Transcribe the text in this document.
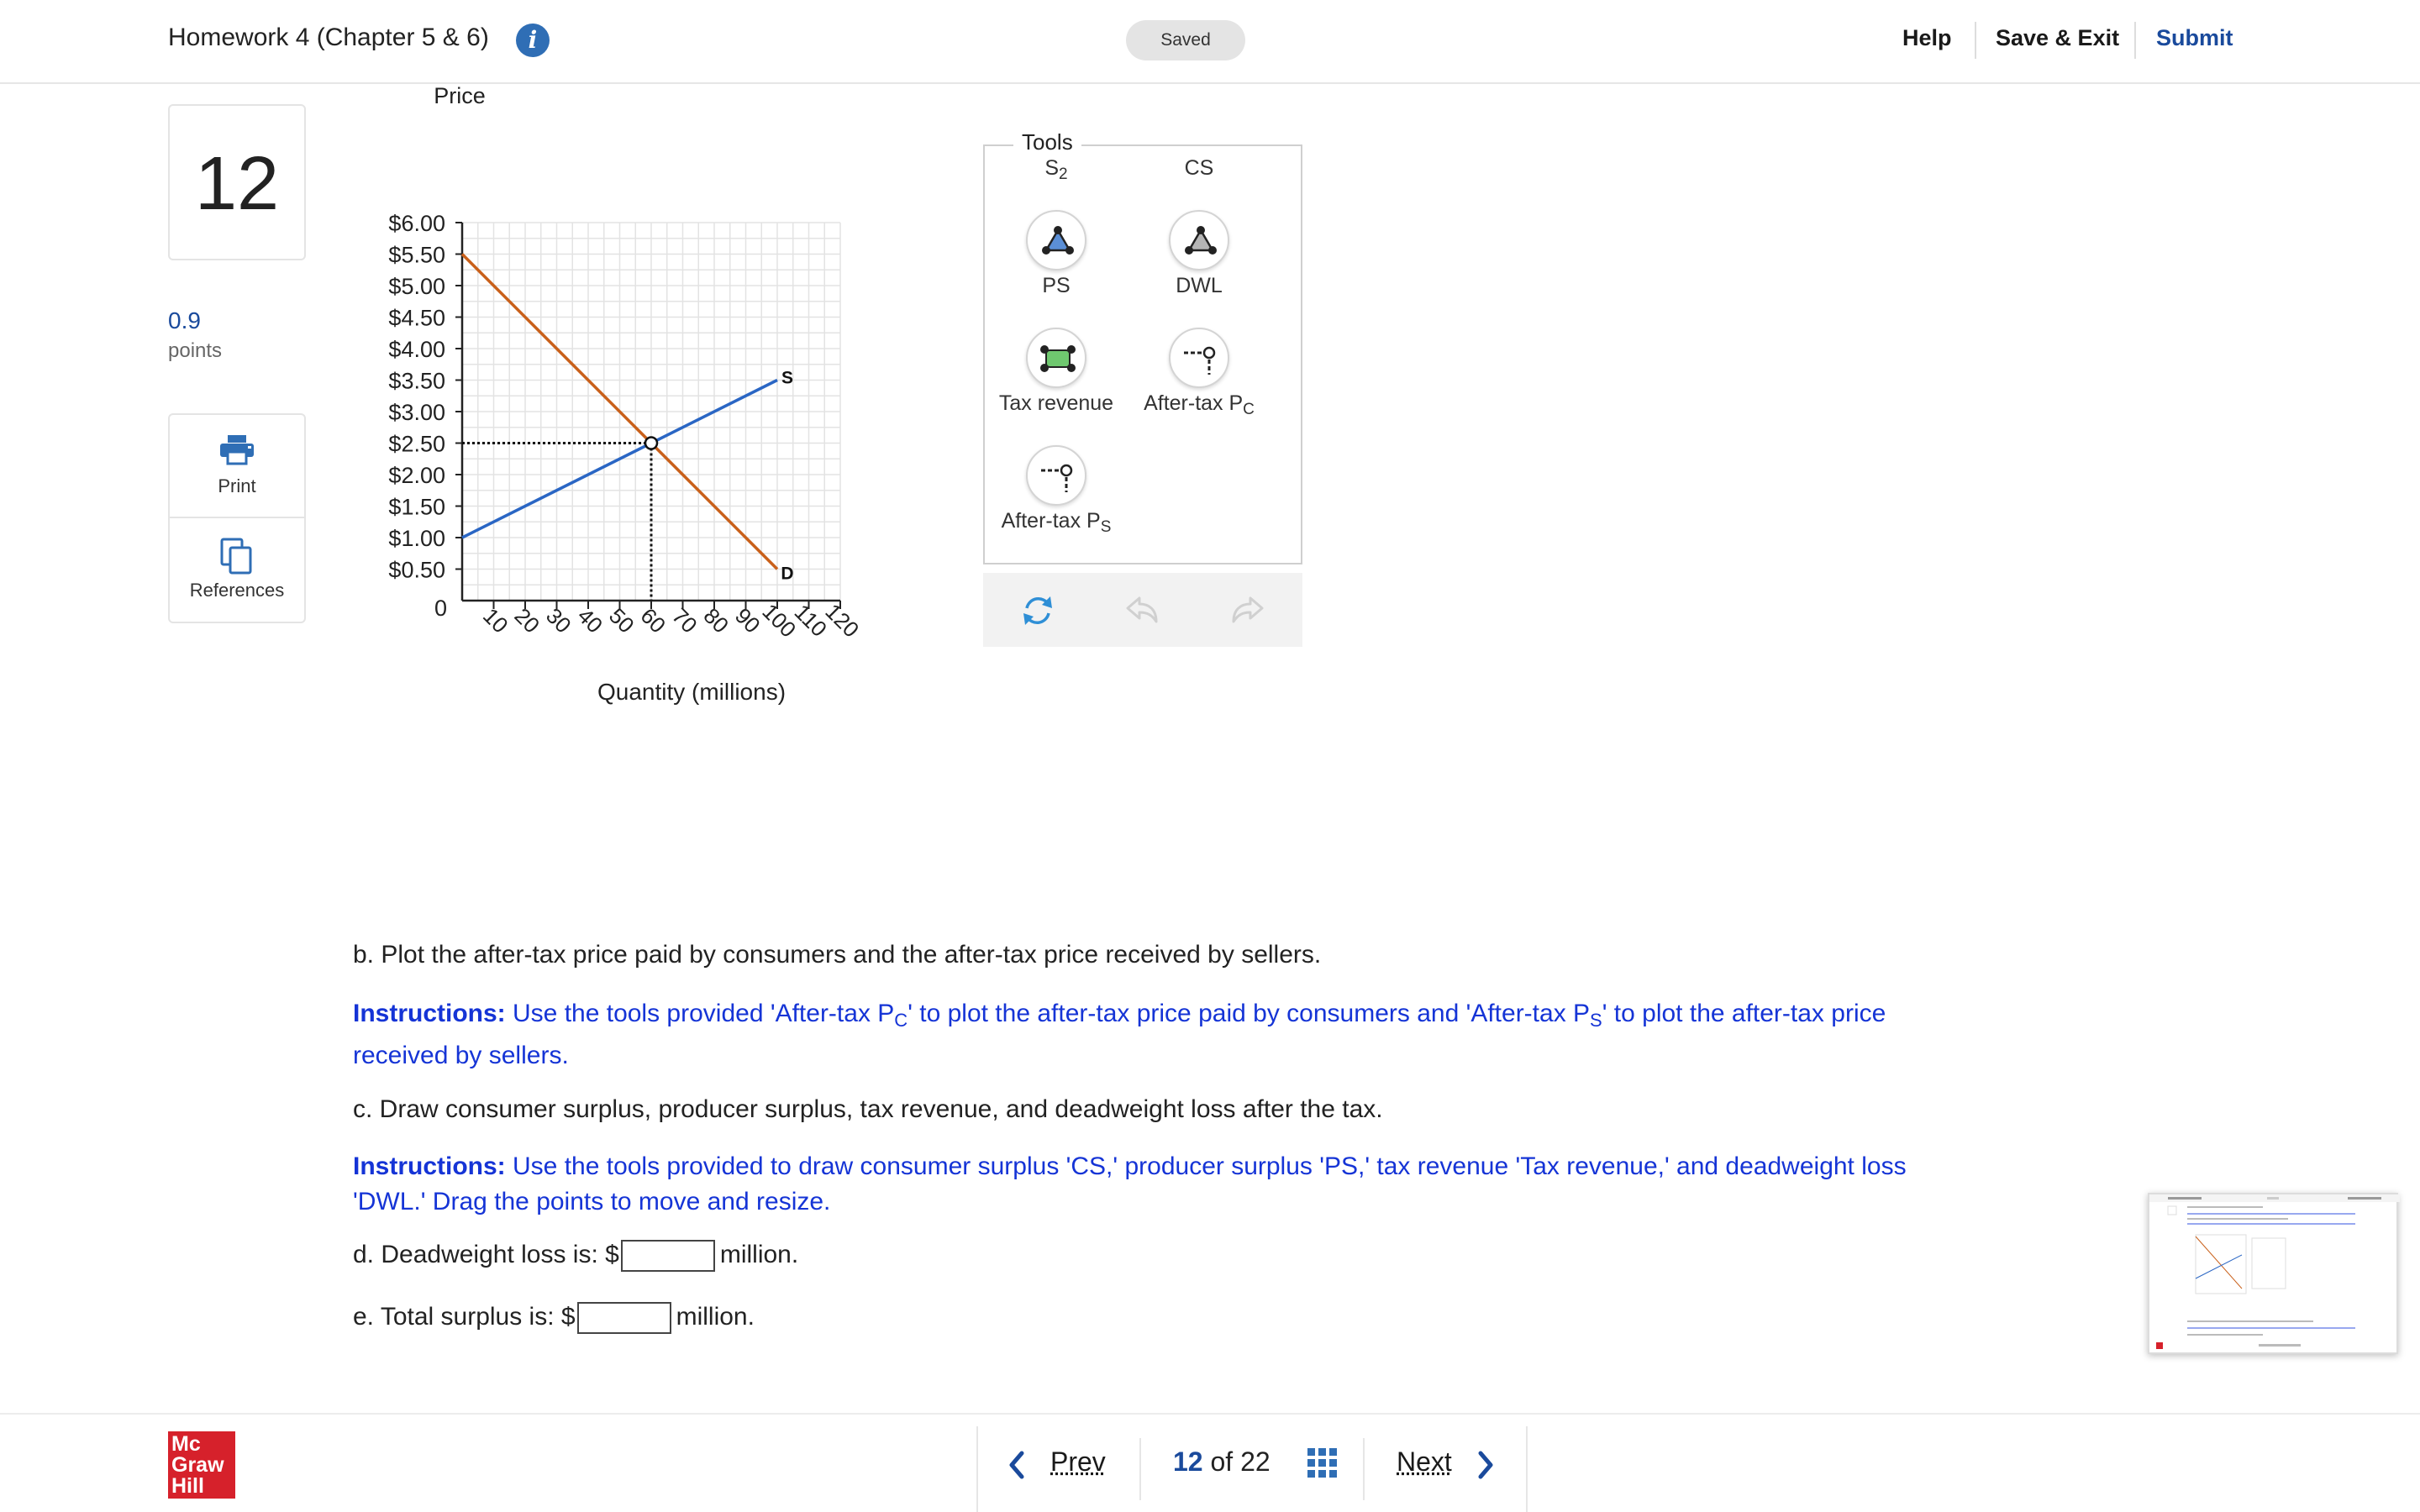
Homework 4 (Chapter 5 & 6)	i	Saved	Help Save & Exit Submit
12
0.9
points
Print
References
Price
$0.50
$1.00
$1.50
$2.00
$2.50
$3.00
$3.50
$4.00
$4.50
$5.00
$5.50
$6.00
0 10
20
30
40
50
60
70
80
90
100
110
120
S
D
Quantity (millions)
Tools
$S_2$	CS
PS	DWL
Tax revenue	After-tax $P_C$
After-tax $P_S$
b. Plot the after-tax price paid by consumers and the after-tax price received by sellers.
Instructions: Use the tools provided 'After-tax $P_C'$ to plot the after-tax price paid by consumers and 'After-tax $P_S'$ to plot the after-tax price received by sellers.
c. Draw consumer surplus, producer surplus, tax revenue, and deadweight loss after the tax.
Instructions: Use the tools provided to draw consumer surplus 'CS,' producer surplus 'PS,' tax revenue 'Tax revenue,' and deadweight loss 'DWL.' Drag the points to move and resize.
d. Deadweight loss is: $	million.
e. Total surplus is: $	million.
Mc
Graw
Hill
Prev	12 of 22	Next
